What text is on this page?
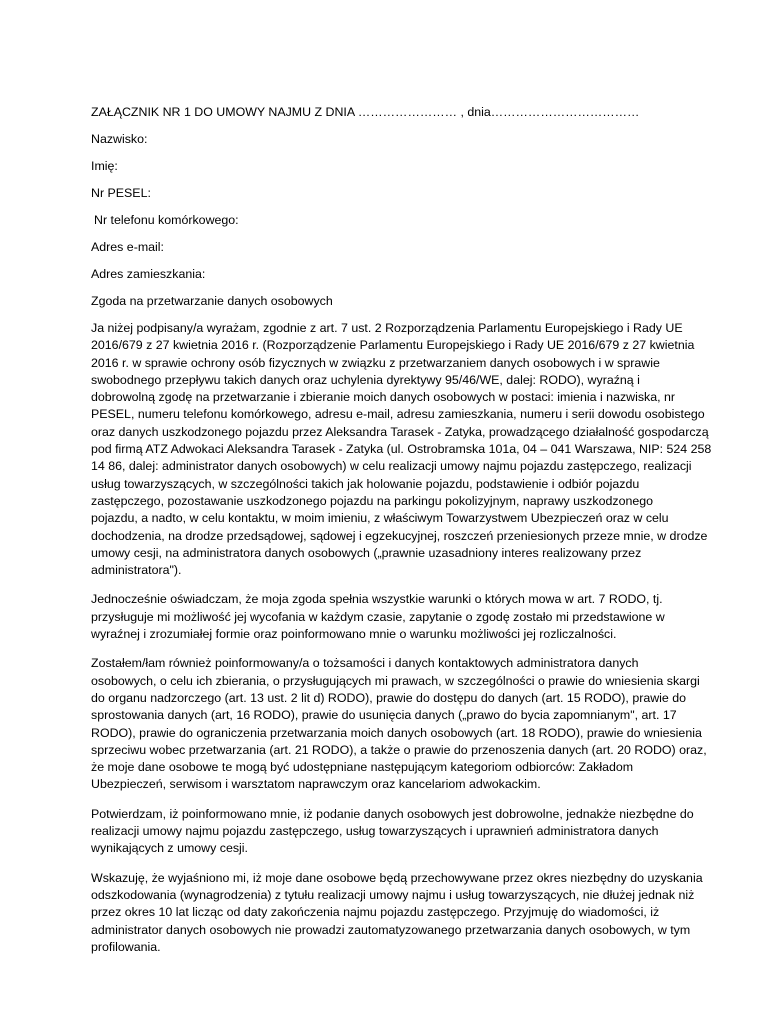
ZAŁĄCZNIK NR 1 DO UMOWY NAJMU Z DNIA …………………… , dnia………………………………
Nazwisko:
Imię:
Nr PESEL:
Nr telefonu komórkowego:
Adres e-mail:
Adres zamieszkania:
Zgoda na przetwarzanie danych osobowych
Ja niżej podpisany/a wyrażam, zgodnie z art. 7 ust. 2 Rozporządzenia Parlamentu Europejskiego i Rady UE
2016/679 z 27 kwietnia 2016 r. (Rozporządzenie Parlamentu Europejskiego i Rady UE 2016/679 z 27 kwietnia
2016 r. w sprawie ochrony osób fizycznych w związku z przetwarzaniem danych osobowych i w sprawie
swobodnego przepływu takich danych oraz uchylenia dyrektywy 95/46/WE, dalej: RODO), wyraźną i
dobrowolną zgodę na przetwarzanie i zbieranie moich danych osobowych w postaci: imienia i nazwiska, nr
PESEL, numeru telefonu komórkowego, adresu e-mail, adresu zamieszkania, numeru i serii dowodu osobistego
oraz danych uszkodzonego pojazdu przez Aleksandra Tarasek - Zatyka, prowadzącego działalność gospodarczą
pod firmą ATZ Adwokaci Aleksandra Tarasek - Zatyka (ul. Ostrobramska 101a, 04 – 041 Warszawa, NIP: 524 258
14 86, dalej: administrator danych osobowych) w celu realizacji umowy najmu pojazdu zastępczego, realizacji
usług towarzyszących, w szczególności takich jak holowanie pojazdu, podstawienie i odbiór pojazdu
zastępczego, pozostawanie uszkodzonego pojazdu na parkingu pokolizyjnym, naprawy uszkodzonego
pojazdu, a nadto, w celu kontaktu, w moim imieniu, z właściwym Towarzystwem Ubezpieczeń oraz w celu
dochodzenia, na drodze przedsądowej, sądowej i egzekucyjnej, roszczeń przeniesionych przeze mnie, w drodze
umowy cesji, na administratora danych osobowych („prawnie uzasadniony interes realizowany przez
administratora").
Jednocześnie oświadczam, że moja zgoda spełnia wszystkie warunki o których mowa w art. 7 RODO, tj.
przysługuje mi możliwość jej wycofania w każdym czasie, zapytanie o zgodę zostało mi przedstawione w
wyraźnej i zrozumiałej formie oraz poinformowano mnie o warunku możliwości jej rozliczalności.
Zostałem/łam również poinformowany/a o tożsamości i danych kontaktowych administratora danych
osobowych, o celu ich zbierania, o przysługujących mi prawach, w szczególności o prawie do wniesienia skargi
do organu nadzorczego (art. 13 ust. 2 lit d) RODO), prawie do dostępu do danych (art. 15 RODO), prawie do
sprostowania danych (art, 16 RODO), prawie do usunięcia danych („prawo do bycia zapomnianym", art. 17
RODO), prawie do ograniczenia przetwarzania moich danych osobowych (art. 18 RODO), prawie do wniesienia
sprzeciwu wobec przetwarzania (art. 21 RODO), a także o prawie do przenoszenia danych (art. 20 RODO) oraz,
że moje dane osobowe te mogą być udostępniane następującym kategoriom odbiorców: Zakładom
Ubezpieczeń, serwisom i warsztatom naprawczym oraz kancelariom adwokackim.
Potwierdzam, iż poinformowano mnie, iż podanie danych osobowych jest dobrowolne, jednakże niezbędne do
realizacji umowy najmu pojazdu zastępczego, usług towarzyszących i uprawnień administratora danych
wynikających z umowy cesji.
Wskazuję, że wyjaśniono mi, iż moje dane osobowe będą przechowywane przez okres niezbędny do uzyskania
odszkodowania (wynagrodzenia) z tytułu realizacji umowy najmu i usług towarzyszących, nie dłużej jednak niż
przez okres 10 lat licząc od daty zakończenia najmu pojazdu zastępczego. Przyjmuję do wiadomości, iż
administrator danych osobowych nie prowadzi zautomatyzowanego przetwarzania danych osobowych, w tym
profilowania.
